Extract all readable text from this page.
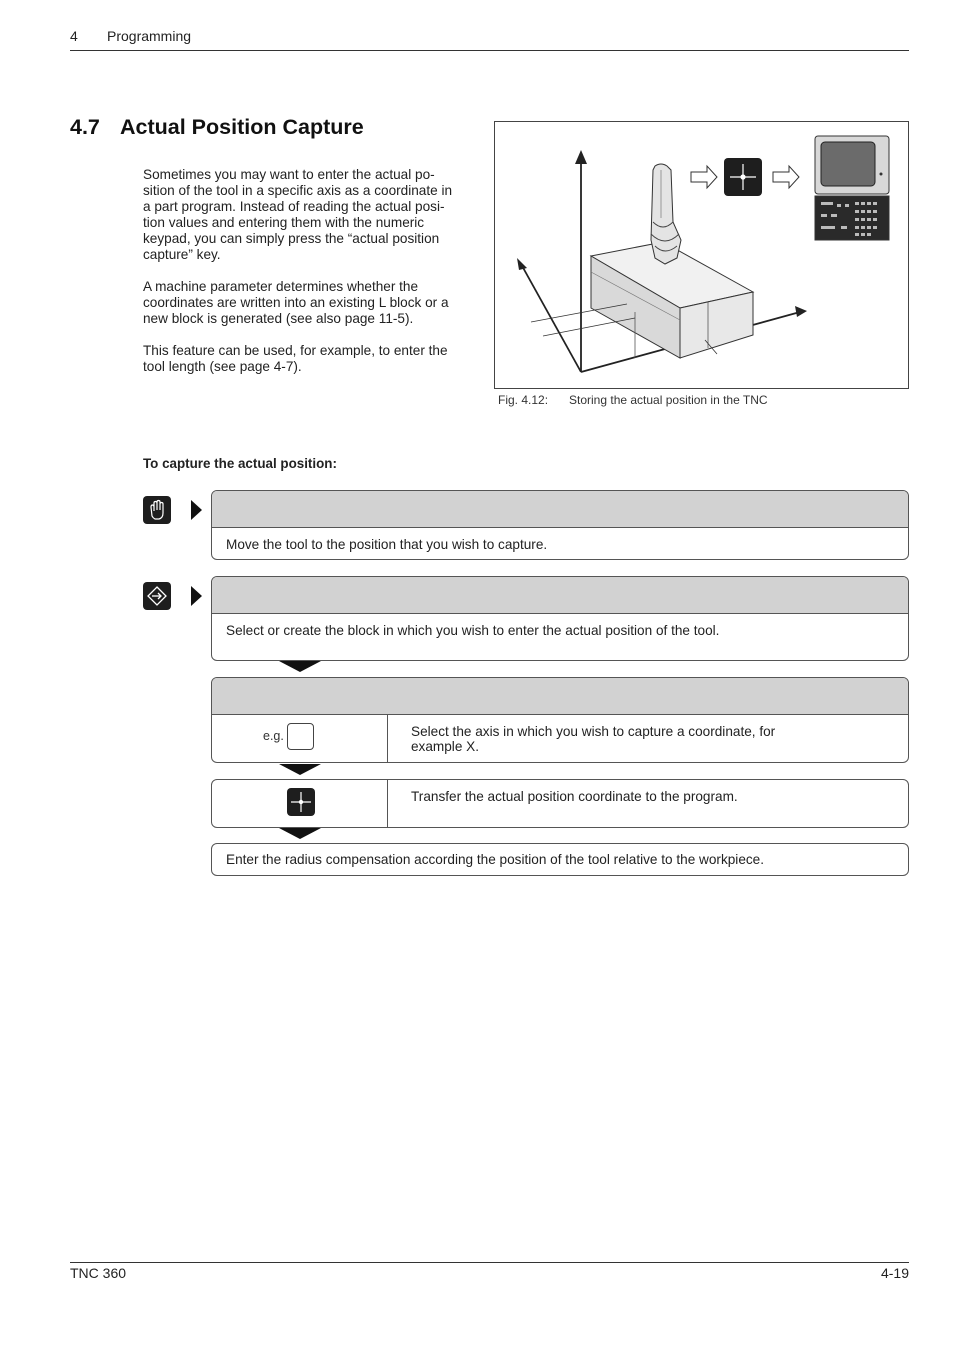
4 Programming
4.7 Actual Position Capture

Sometimes you may want to enter the actual po-
sition of the tool in a specific axis as a coordinate in
a part program. Instead of reading the actual posi-
tion values and entering them with the numeric
keypad, you can simply press the “actual position
capture” key.

A machine parameter determines whether the
coordinates are written into an existing L block or a
new block is generated (see also page 11-5).

This feature can be used, for example, to enter the
tool length (see page 4-7).

Fig. 4.12: Storing the actual position in the TNC
To capture the actual position:
Move the tool to the position that you wish to capture.
Select or create the block in which you wish to enter the actual position of the tool.
e.g.	Select the axis in which you wish to capture a coordinate, for
example X.
Transfer the actual position coordinate to the program.
Enter the radius compensation according the position of the tool relative to the workpiece.
TNC 360	4-19
